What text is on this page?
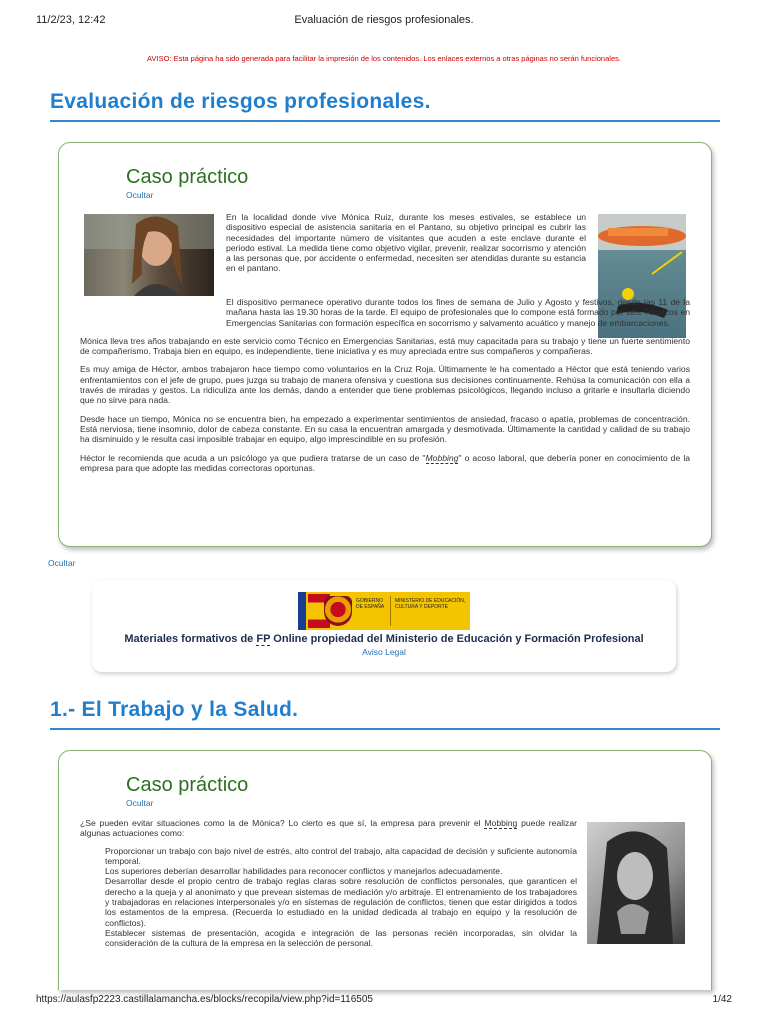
11/2/23, 12:42	Evaluación de riesgos profesionales.
AVISO: Esta página ha sido generada para facilitar la impresión de los contenidos. Los enlaces externos a otras páginas no serán funcionales.
Evaluación de riesgos profesionales.
Caso práctico
Ocultar

En la localidad donde vive Mónica Ruiz, durante los meses estivales, se establece un dispositivo especial de asistencia sanitaria en el Pantano, su objetivo principal es cubrir las necesidades del importante número de visitantes que acuden a este enclave durante el periodo estival. La medida tiene como objetivo vigilar, prevenir, realizar socorrismo y atención a las personas que, por accidente o enfermedad, necesiten ser atendidas durante su estancia en el pantano.

El dispositivo permanece operativo durante todos los fines de semana de Julio y Agosto y festivos, desde las 11 de la mañana hasta las 19.30 horas de la tarde. El equipo de profesionales que lo compone está formado por seis Técnicos en Emergencias Sanitarias con formación específica en socorrismo y salvamento acuático y manejo de embarcaciones.

Mónica lleva tres años trabajando en este servicio como Técnico en Emergencias Sanitarias, está muy capacitada para su trabajo y tiene un fuerte sentimiento de compañerismo. Trabaja bien en equipo, es independiente, tiene iniciativa y es muy apreciada entre sus compañeros y compañeras.

Es muy amiga de Héctor, ambos trabajaron hace tiempo como voluntarios en la Cruz Roja. Últimamente le ha comentado a Héctor que está teniendo varios enfrentamientos con el jefe de grupo, pues juzga su trabajo de manera ofensiva y cuestiona sus decisiones continuamente. Rehúsa la comunicación con ella a través de miradas y gestos. La ridiculiza ante los demás, dando a entender que tiene problemas psicológicos, llegando incluso a gritarle e insultarla diciendo que no sirve para nada.

Desde hace un tiempo, Mónica no se encuentra bien, ha empezado a experimentar sentimientos de ansiedad, fracaso o apatía, problemas de concentración. Está nerviosa, tiene insomnio, dolor de cabeza constante. En su casa la encuentran amargada y desmotivada. Últimamente la cantidad y calidad de su trabajo ha disminuido y le resulta casi imposible trabajar en equipo, algo imprescindible en su profesión.

Héctor le recomienda que acuda a un psicólogo ya que pudiera tratarse de un caso de "Mobbing" o acoso laboral, que debería poner en conocimiento de la empresa para que adopte las medidas correctoras oportunas.

Ocultar
GOBIERNO DE ESPAÑA
MINISTERIO DE EDUCACIÓN, CULTURA Y DEPORTE
Materiales formativos de FP Online propiedad del Ministerio de Educación y Formación Profesional
Aviso Legal
1.- El Trabajo y la Salud.
Caso práctico
Ocultar

¿Se pueden evitar situaciones como la de Mónica? Lo cierto es que sí, la empresa para prevenir el Mobbing puede realizar algunas actuaciones como:

Proporcionar un trabajo con bajo nivel de estrés, alto control del trabajo, alta capacidad de decisión y suficiente autonomía temporal.
Los superiores deberían desarrollar habilidades para reconocer conflictos y manejarlos adecuadamente.
Desarrollar desde el propio centro de trabajo reglas claras sobre resolución de conflictos personales, que garanticen el derecho a la queja y al anonimato y que prevean sistemas de mediación y/o arbitraje. El entrenamiento de los trabajadores y trabajadoras en relaciones interpersonales y/o en sistemas de regulación de conflictos, tienen que estar dirigidos a todos los estamentos de la empresa. (Recuerda lo estudiado en la unidad dedicada al trabajo en equipo y la resolución de conflictos).
Establecer sistemas de presentación, acogida e integración de las personas recién incorporadas, sin olvidar la consideración de la cultura de la empresa en la selección de personal.
https://aulasfp2223.castillalamancha.es/blocks/recopila/view.php?id=116505	1/42
